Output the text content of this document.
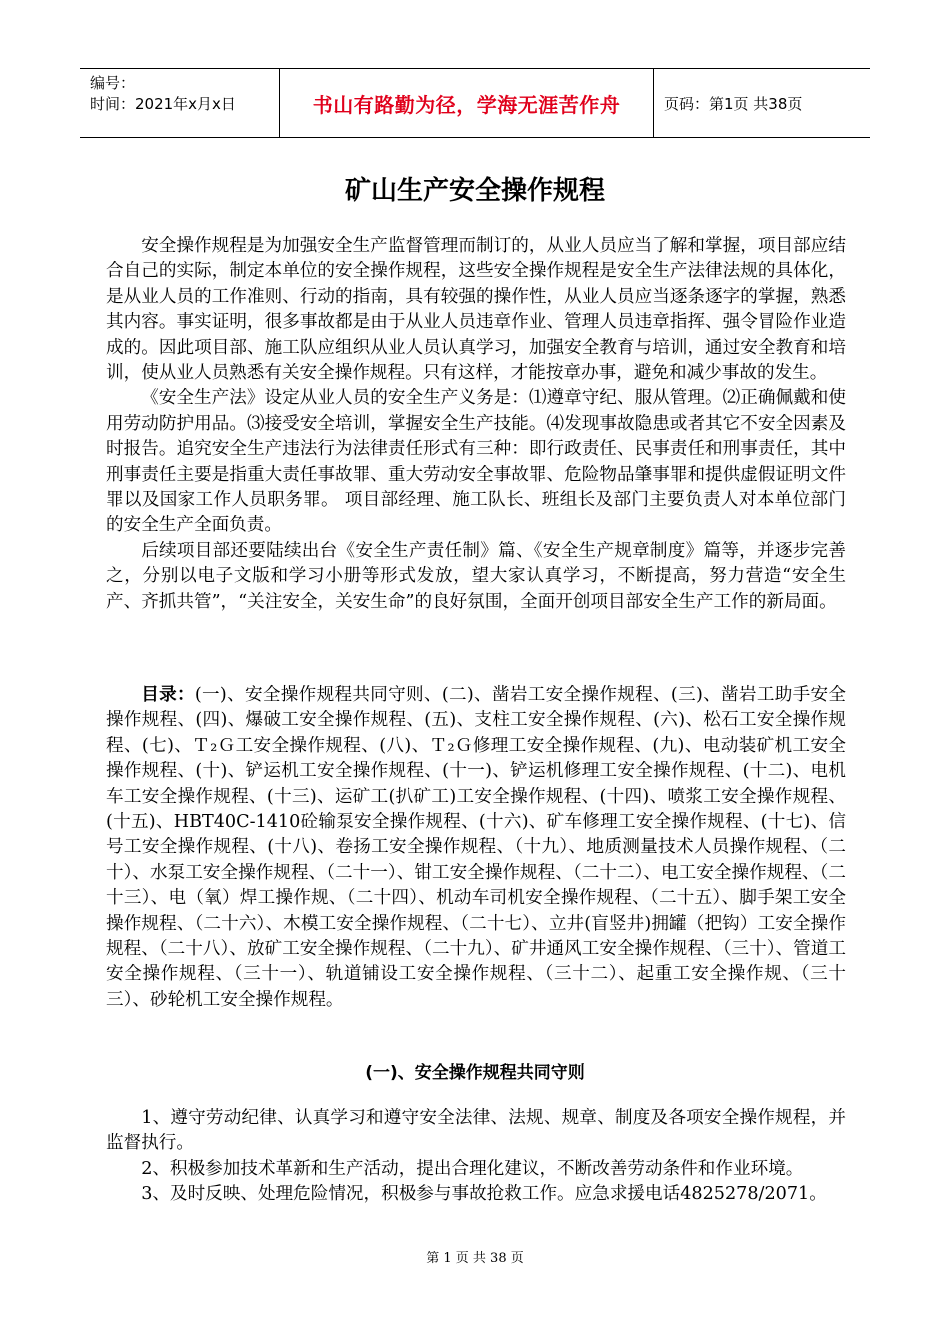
编号：
时间：2021年x月x日	书山有路勤为径，学海无涯苦作舟	页码：第1页 共38页
矿山生产安全操作规程

安全操作规程是为加强安全生产监督管理而制订的，从业人员应当了解和掌握，项目部应结合自己的实际，制定本单位的安全操作规程，这些安全操作规程是安全生产法律法规的具体化，是从业人员的工作准则、行动的指南，具有较强的操作性，从业人员应当逐条逐字的掌握，熟悉其内容。事实证明，很多事故都是由于从业人员违章作业、管理人员违章指挥、强令冒险作业造成的。因此项目部、施工队应组织从业人员认真学习，加强安全教育与培训，通过安全教育和培训，使从业人员熟悉有关安全操作规程。只有这样，才能按章办事，避免和减少事故的发生。

《安全生产法》设定从业人员的安全生产义务是：⑴遵章守纪、服从管理。⑵正确佩戴和使用劳动防护用品。⑶接受安全培训，掌握安全生产技能。⑷发现事故隐患或者其它不安全因素及时报告。追究安全生产违法行为法律责任形式有三种：即行政责任、民事责任和刑事责任，其中刑事责任主要是指重大责任事故罪、重大劳动安全事故罪、危险物品肇事罪和提供虚假证明文件罪以及国家工作人员职务罪。 项目部经理、施工队长、班组长及部门主要负责人对本单位部门的安全生产全面负责。

后续项目部还要陆续出台《安全生产责任制》篇、《安全生产规章制度》篇等，并逐步完善之，分别以电子文版和学习小册等形式发放，望大家认真学习，不断提高，努力营造“安全生产、齐抓共管”，“关注安全，关安生命”的良好氛围，全面开创项目部安全生产工作的新局面。

目录：(一)、安全操作规程共同守则、(二)、凿岩工安全操作规程、(三)、凿岩工助手安全操作规程、(四)、爆破工安全操作规程、(五)、支柱工安全操作规程、(六)、松石工安全操作规程、(七)、Ｔ₂Ｇ工安全操作规程、(八)、Ｔ₂Ｇ修理工安全操作规程、(九)、电动装矿机工安全操作规程、(十)、铲运机工安全操作规程、(十一)、铲运机修理工安全操作规程、(十二)、电机车工安全操作规程、(十三)、运矿工(扒矿工)工安全操作规程、(十四)、喷浆工安全操作规程、(十五)、HBT40C-1410砼输泵安全操作规程、(十六)、矿车修理工安全操作规程、(十七)、信号工安全操作规程、(十八)、卷扬工安全操作规程、（十九）、地质测量技术人员操作规程、（二十）、水泵工安全操作规程、（二十一）、钳工安全操作规程、（二十二）、电工安全操作规程、（二十三）、电（氧）焊工操作规、（二十四）、机动车司机安全操作规程、（二十五）、脚手架工安全操作规程、（二十六）、木模工安全操作规程、（二十七）、立井(盲竖井)拥罐（把钩）工安全操作规程、（二十八）、放矿工安全操作规程、（二十九）、矿井通风工安全操作规程、（三十）、管道工安全操作规程、（三十一）、轨道铺设工安全操作规程、（三十二）、起重工安全操作规、（三十三）、砂轮机工安全操作规程。
(一)、安全操作规程共同守则

1、遵守劳动纪律、认真学习和遵守安全法律、法规、规章、制度及各项安全操作规程，并监督执行。

2、积极参加技术革新和生产活动，提出合理化建议，不断改善劳动条件和作业环境。

3、及时反映、处理危险情况，积极参与事故抢救工作。应急求援电话4825278/2071。

第 1 页 共 38 页
